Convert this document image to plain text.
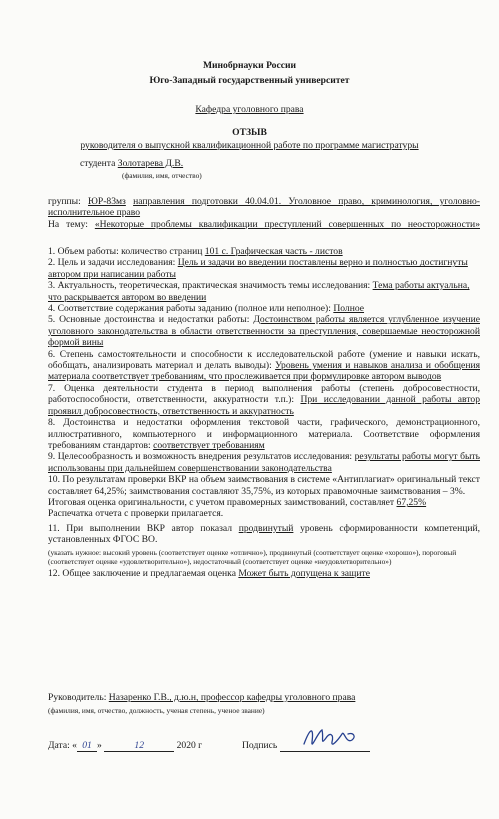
Минобрнауки России
Юго-Западный государственный университет
Кафедра уголовного права
ОТЗЫВ
руководителя о выпускной квалификационной работе по программе магистратуры
студента Золотарева Д.В.
(фамилия, имя, отчество)

группы: ЮР-83мз направления подготовки 40.04.01. Уголовное право, криминология, уголовно-исполнительное право

На тему: «Некоторые проблемы квалификации преступлений совершенных по неосторожности»

1. Объем работы: количество страниц 101 с. Графическая часть - листов

2. Цель и задачи исследования: Цель и задачи во введении поставлены верно и полностью достигнуты автором при написании работы

3. Актуальность, теоретическая, практическая значимость темы исследования: Тема работы актуальна, что раскрывается автором во введении

4. Соответствие содержания работы заданию (полное или неполное): Полное

5. Основные достоинства и недостатки работы: Достоинством работы является углубленное изучение уголовного законодательства в области ответственности за преступления, совершаемые неосторожной формой вины

6. Степень самостоятельности и способности к исследовательской работе (умение и навыки искать, обобщать, анализировать материал и делать выводы): Уровень умения и навыков анализа и обобщения материала соответствует требованиям, что прослеживается при формулировке автором выводов

7. Оценка деятельности студента в период выполнения работы (степень добросовестности, работоспособности, ответственности, аккуратности т.п.): При исследовании данной работы автор проявил добросовестность, ответственность и аккуратность

8. Достоинства и недостатки оформления текстовой части, графического, демонстрационного, иллюстративного, компьютерного и информационного материала. Соответствие оформления требованиям стандартов: соответствует требованиям

9. Целесообразность и возможность внедрения результатов исследования: результаты работы могут быть использованы при дальнейшем совершенствовании законодательства

10. По результатам проверки ВКР на объем заимствования в системе «Антиплагиат» оригинальный текст составляет 64,25%; заимствования составляют 35,75%, из которых правомочные заимствования – 3%.

Итоговая оценка оригинальности, с учетом правомерных заимствований, составляет 67,25%

Распечатка отчета с проверки прилагается.

11. При выполнении ВКР автор показал продвинутый уровень сформированности компетенций, установленных ФГОС ВО.

(указать нужное: высокий уровень (соответствует оценке «отлично»), продвинутый (соответствует оценке «хорошо»), пороговый (соответствует оценке «удовлетворительно»), недостаточный (соответствует оценке «неудовлетворительно»)

12. Общее заключение и предлагаемая оценка Может быть допущена к защите

Руководитель: Назаренко Г.В., д.ю.н, профессор кафедры уголовного права
(фамилия, имя, отчество, должность, ученая степень, ученое звание)
Дата: « 01 »	12	2020 г	Подпись
